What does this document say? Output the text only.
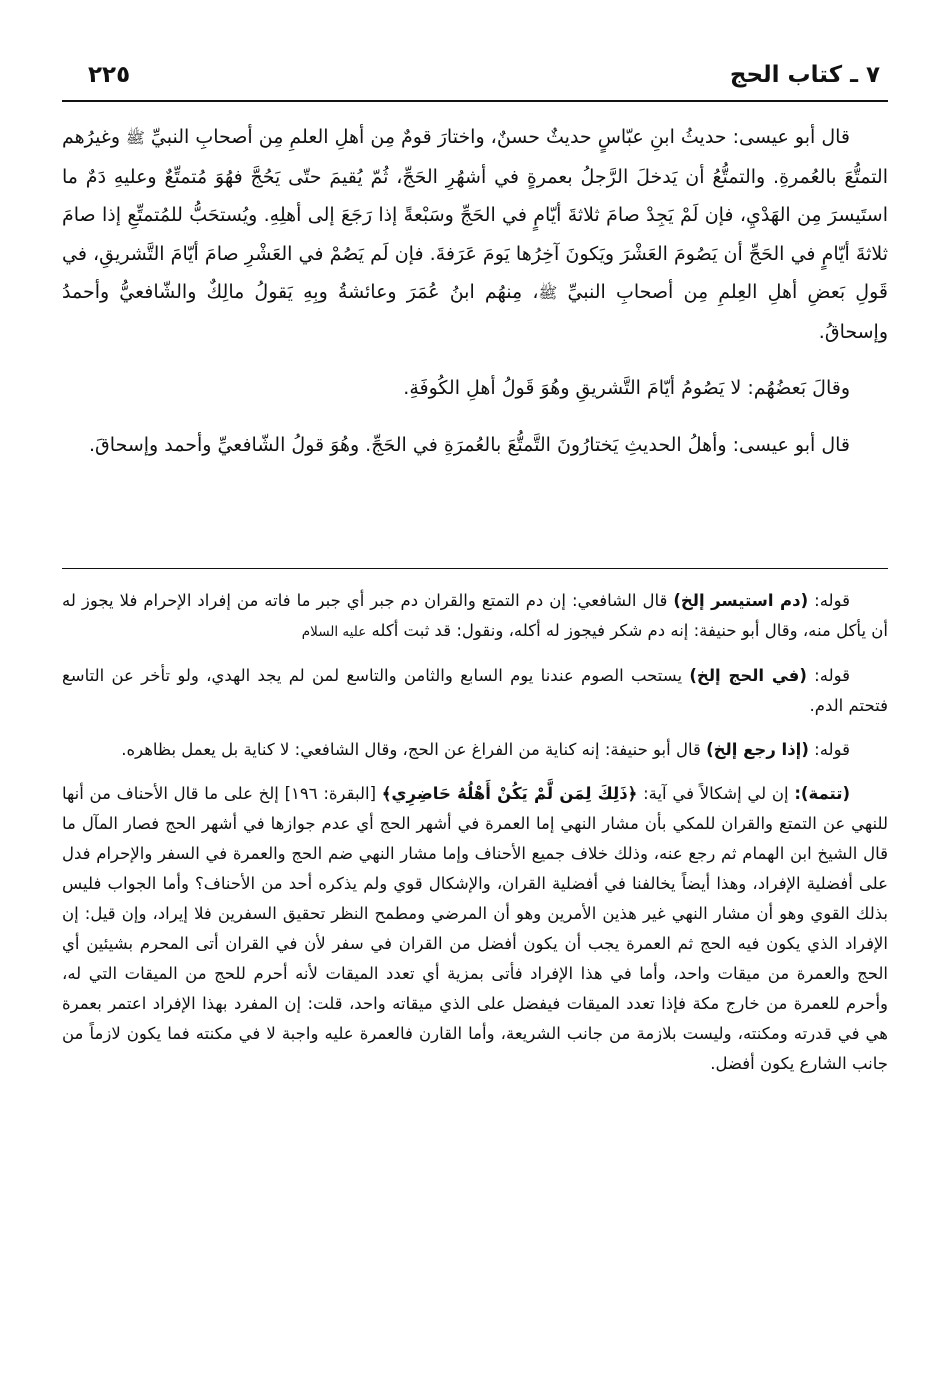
٧ ـ كتاب الحج
٢٢٥

قال أبو عيسى: حديثُ ابنِ عبّاسٍ حديثٌ حسنٌ، واختارَ قومٌ مِن أهلِ العلمِ مِن أصحابِ النبيِّ ﷺ وغيرُهم التمتُّعَ بالعُمرةِ. والتمتُّعُ أن يَدخلَ الرَّجلُ بعمرةٍ في أشهُرِ الحَجِّ، ثُمّ يُقيمَ حتّى يَحُجَّ فهُوَ مُتمتِّعٌ وعليهِ دَمٌ ما استَيسرَ مِن الهَدْيِ، فإن لَمْ يَجِدْ صامَ ثلاثةَ أيّامٍ في الحَجِّ وسَبْعةً إذا رَجَعَ إلى أهلِهِ. ويُستحَبُّ للمُتمتِّعِ إذا صامَ ثلاثةَ أيّامٍ في الحَجِّ أن يَصُومَ العَشْرَ ويَكونَ آخِرُها يَومَ عَرَفةَ. فإن لَم يَصُمْ في العَشْرِ صامَ أيّامَ التَّشريقِ، في قَولِ بَعضِ أهلِ العِلمِ مِن أصحابِ النبيِّ ﷺ، مِنهُم ابنُ عُمَرَ وعائشةُ وبِهِ يَقولُ مالِكٌ والشّافعيُّ وأحمدُ وإسحاقُ.

وقالَ بَعضُهُم: لا يَصُومُ أيّامَ التَّشريقِ وهُوَ قَولُ أهلِ الكُوفَةِ.

قال أبو عيسى: وأهلُ الحديثِ يَختارُونَ التَّمتُّعَ بالعُمرَةِ في الحَجِّ. وهُوَ قولُ الشّافعيِّ وأحمد وإسحاقَ.

قوله: (دم استيسر إلخ) قال الشافعي: إن دم التمتع والقران دم جبر أي جبر ما فاته من إفراد الإحرام فلا يجوز له أن يأكل منه، وقال أبو حنيفة: إنه دم شكر فيجوز له أكله، ونقول: قد ثبت أكله عليه السلام

قوله: (في الحج إلخ) يستحب الصوم عندنا يوم السابع والثامن والتاسع لمن لم يجد الهدي، ولو تأخر عن التاسع فتحتم الدم.

قوله: (إذا رجع إلخ) قال أبو حنيفة: إنه كناية من الفراغ عن الحج، وقال الشافعي: لا كناية بل يعمل بظاهره.

(تتمة): إن لي إشكالاً في آية: ﴿ذَلِكَ لِمَن لَّمْ يَكُنْ أَهْلُهُ حَاضِرِي﴾ [البقرة: ١٩٦] إلخ على ما قال الأحناف من أنها للنهي عن التمتع والقران للمكي بأن مشار النهي إما العمرة في أشهر الحج أي عدم جوازها في أشهر الحج فصار المآل ما قال الشيخ ابن الهمام ثم رجع عنه، وذلك خلاف جميع الأحناف وإما مشار النهي ضم الحج والعمرة في السفر والإحرام فدل على أفضلية الإفراد، وهذا أيضاً يخالفنا في أفضلية القران، والإشكال قوي ولم يذكره أحد من الأحناف؟ وأما الجواب فليس بذلك القوي وهو أن مشار النهي غير هذين الأمرين وهو أن المرضي ومطمح النظر تحقيق السفرين فلا إيراد، وإن قيل: إن الإفراد الذي يكون فيه الحج ثم العمرة يجب أن يكون أفضل من القران في سفر لأن في القران أتى المحرم بشيئين أي الحج والعمرة من ميقات واحد، وأما في هذا الإفراد فأتى بمزية أي تعدد الميقات لأنه أحرم للحج من الميقات التي له، وأحرم للعمرة من خارج مكة فإذا تعدد الميقات فيفضل على الذي ميقاته واحد، قلت: إن المفرد بهذا الإفراد اعتمر بعمرة هي في قدرته ومكنته، وليست بلازمة من جانب الشريعة، وأما القارن فالعمرة عليه واجبة لا في مكنته فما يكون لازماً من جانب الشارع يكون أفضل.
